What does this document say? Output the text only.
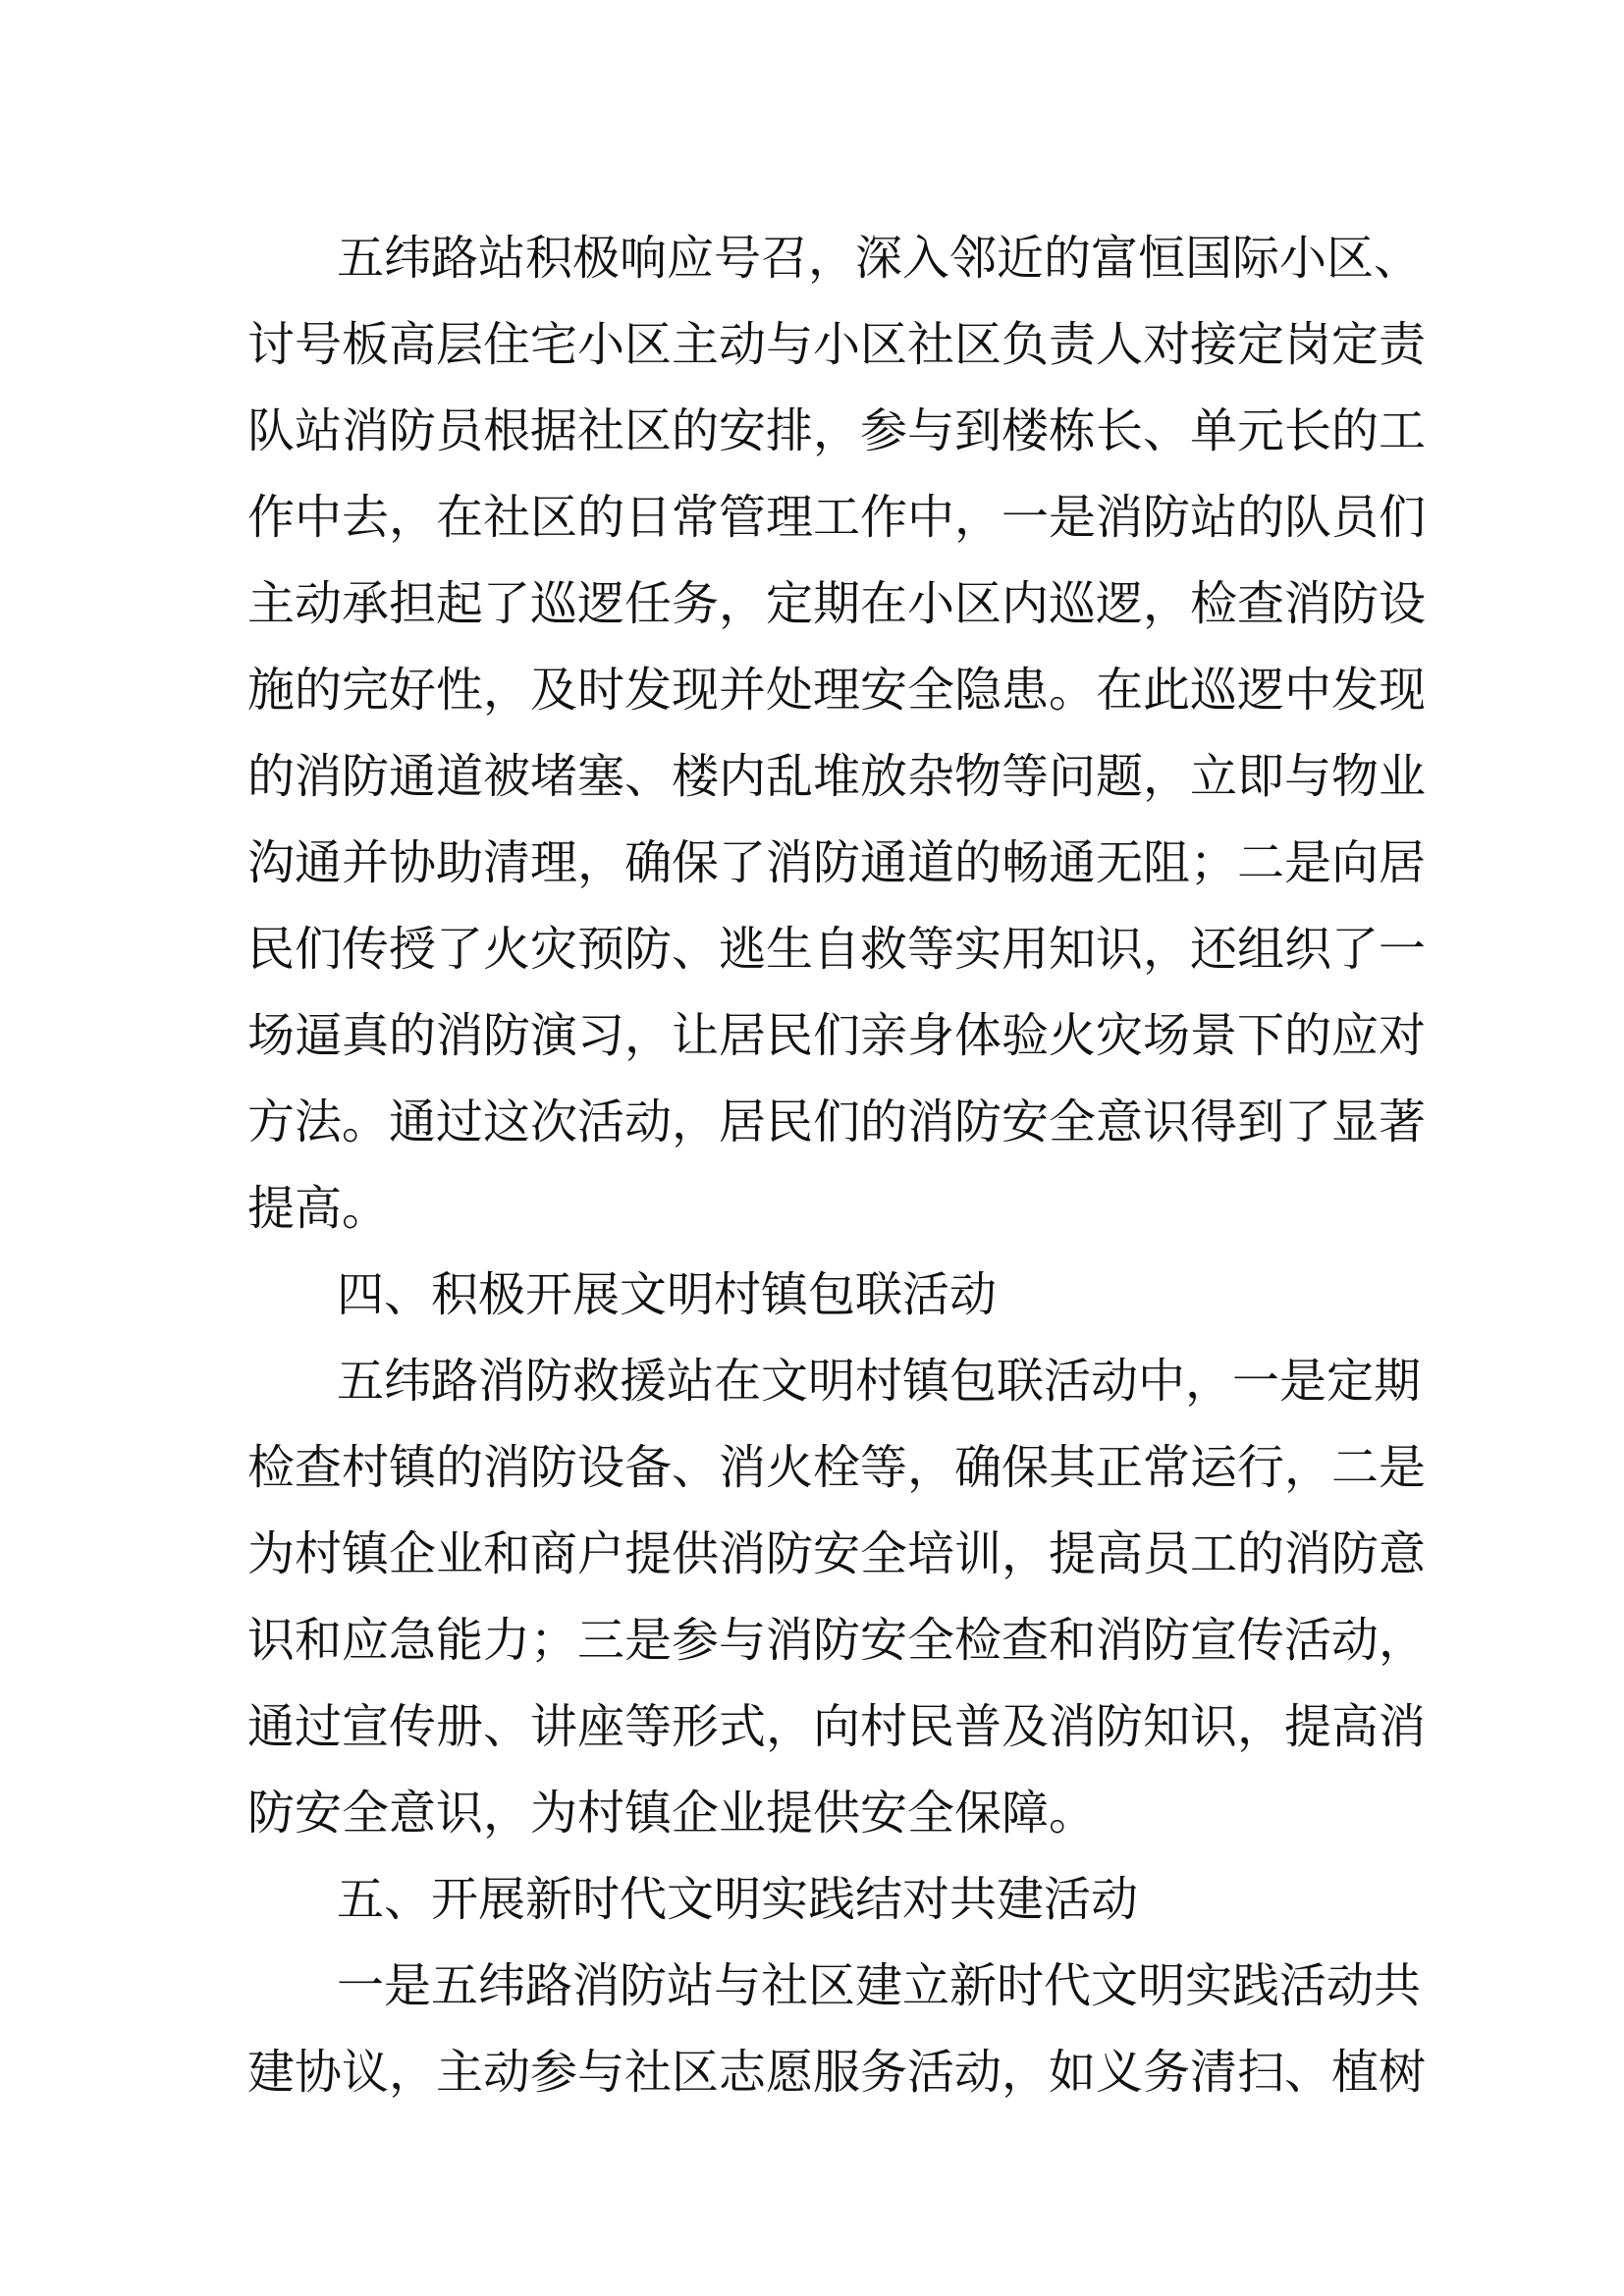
五纬路站积极响应号召，深入邻近的富恒国际小区、
讨号板高层住宅小区主动与小区社区负责人对接定岗定责
队站消防员根据社区的安排，参与到楼栋长、单元长的工
作中去，在社区的日常管理工作中，一是消防站的队员们
主动承担起了巡逻任务，定期在小区内巡逻，检查消防设
施的完好性，及时发现并处理安全隐患。在此巡逻中发现
的消防通道被堵塞、楼内乱堆放杂物等问题，立即与物业
沟通并协助清理，确保了消防通道的畅通无阻；二是向居
民们传授了火灾预防、逃生自救等实用知识，还组织了一
场逼真的消防演习，让居民们亲身体验火灾场景下的应对
方法。通过这次活动，居民们的消防安全意识得到了显著
提高。
四、积极开展文明村镇包联活动
五纬路消防救援站在文明村镇包联活动中，一是定期
检查村镇的消防设备、消火栓等，确保其正常运行，二是
为村镇企业和商户提供消防安全培训，提高员工的消防意
识和应急能力；三是参与消防安全检查和消防宣传活动，
通过宣传册、讲座等形式，向村民普及消防知识，提高消
防安全意识，为村镇企业提供安全保障。
五、开展新时代文明实践结对共建活动
一是五纬路消防站与社区建立新时代文明实践活动共
建协议，主动参与社区志愿服务活动，如义务清扫、植树
